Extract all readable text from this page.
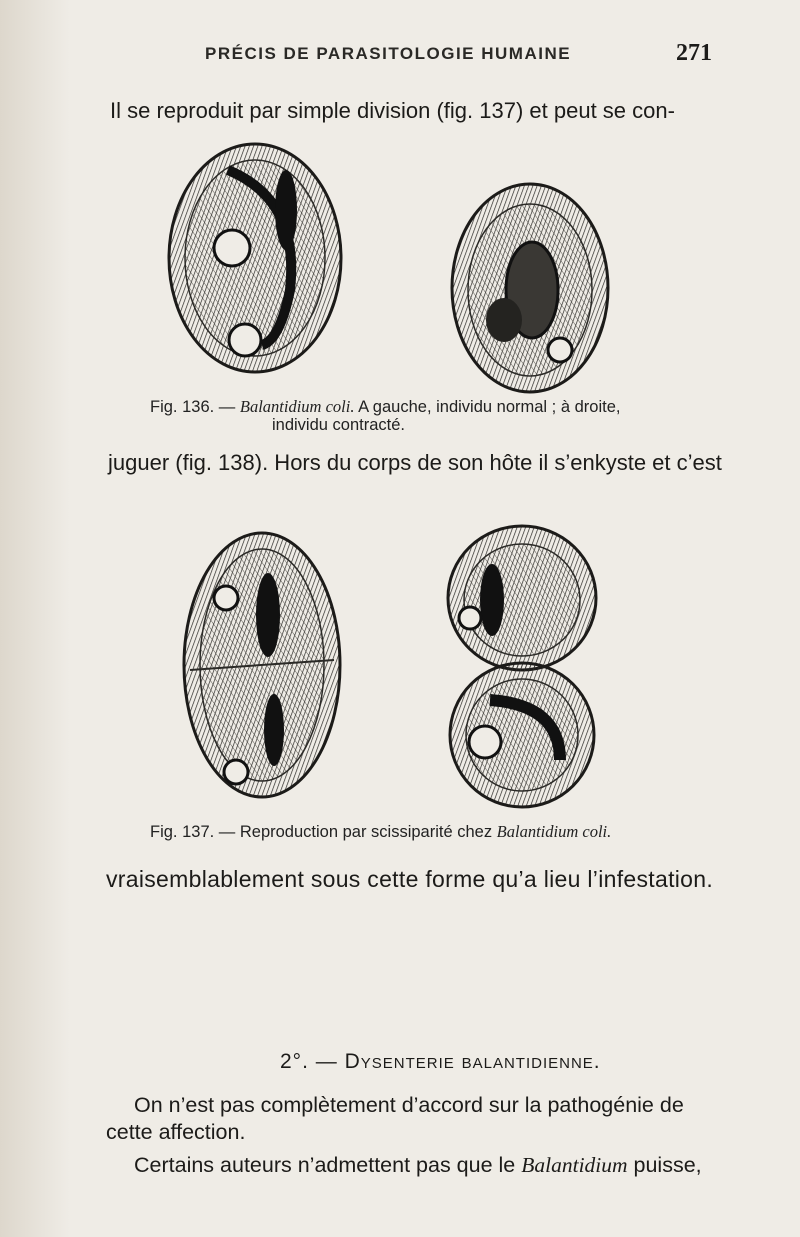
PRÉCIS DE PARASITOLOGIE HUMAINE	271
Il se reproduit par simple division (fig. 137) et peut se con-
Fig. 136. — Balantidium coli. A gauche, individu normal ; à droite,
individu contracté.
juguer (fig. 138). Hors du corps de son hôte il s’enkyste et c’est
Fig. 137. — Reproduction par scissiparité chez Balantidium coli.
vraisemblablement sous cette forme qu’a lieu l’infestation.
2°. — Dysenterie balantidienne.
On n’est pas complètement d’accord sur la pathogénie de
cette affection.
Certains auteurs n’admettent pas que le Balantidium puisse,
